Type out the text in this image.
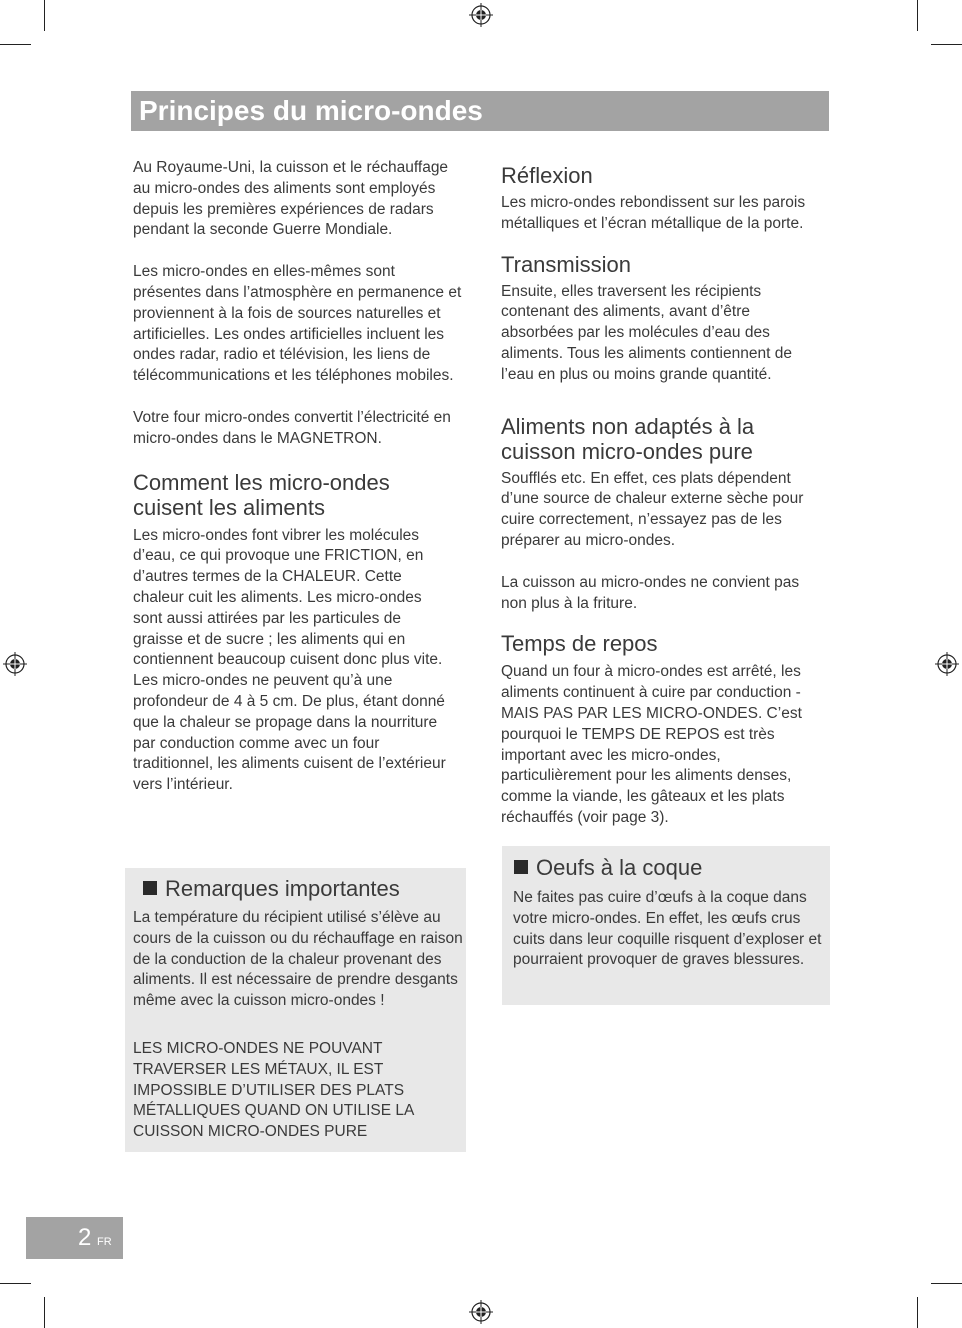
Principes du micro-ondes

Au Royaume-Uni, la cuisson et le réchauffage au micro-ondes des aliments sont employés depuis les premières expériences de radars pendant la seconde Guerre Mondiale.

Les micro-ondes en elles-mêmes sont présentes dans l’atmosphère en permanence et proviennent à la fois de sources naturelles et artificielles. Les ondes artificielles incluent les ondes radar, radio et télévision, les liens de télécommunications et les téléphones mobiles.

Votre four micro-ondes convertit l’électricité en micro-ondes dans le MAGNETRON.

Comment les micro-ondes cuisent les aliments

Les micro-ondes font vibrer les molécules d’eau, ce qui provoque une FRICTION, en d’autres termes de la CHALEUR. Cette chaleur cuit les aliments. Les micro-ondes sont aussi attirées par les particules de graisse et de sucre ; les aliments qui en contiennent beaucoup cuisent donc plus vite. Les micro-ondes ne peuvent qu’à une profondeur de 4 à 5 cm. De plus, étant donné que la chaleur se propage dans la nourriture par conduction comme avec un four traditionnel, les aliments cuisent de l’extérieur vers l’intérieur.

Remarques importantes

La température du récipient utilisé s’élève au cours de la cuisson ou du réchauffage en raison de la conduction de la chaleur provenant des aliments. Il est nécessaire de prendre desgants même avec la cuisson micro-ondes !

LES MICRO-ONDES NE POUVANT TRAVERSER LES MÉTAUX, IL EST IMPOSSIBLE D’UTILISER DES PLATS MÉTALLIQUES QUAND ON UTILISE LA CUISSON MICRO-ONDES PURE

Réflexion

Les micro-ondes rebondissent sur les parois métalliques et l’écran métallique de la porte.

Transmission

Ensuite, elles traversent les récipients contenant des aliments, avant d’être absorbées par les molécules d’eau des aliments. Tous les aliments contiennent de l’eau en plus ou moins grande quantité.

Aliments non adaptés à la cuisson micro-ondes pure

Soufflés etc. En effet, ces plats dépendent d’une source de chaleur externe sèche pour cuire correctement, n’essayez pas de les préparer au micro-ondes.

La cuisson au micro-ondes ne convient pas non plus à la friture.

Temps de repos

Quand un four à micro-ondes est arrêté, les aliments continuent à cuire par conduction - MAIS PAS PAR LES MICRO-ONDES. C’est pourquoi le TEMPS DE REPOS est très important avec les micro-ondes, particulièrement pour les aliments denses, comme la viande, les gâteaux et les plats réchauffés (voir page 3).

Oeufs à la coque

Ne faites pas cuire d’œufs à la coque dans votre micro-ondes. En effet, les œufs crus cuits dans leur coquille risquent d’exploser et pourraient provoquer de graves blessures.

2 FR
